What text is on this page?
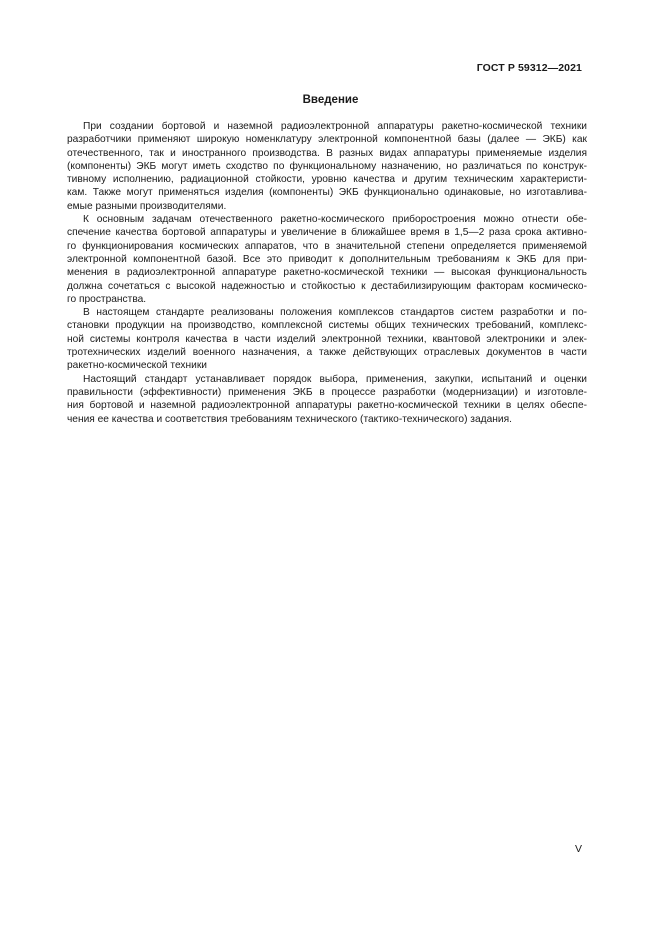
ГОСТ Р 59312—2021
Введение
При создании бортовой и наземной радиоэлектронной аппаратуры ракетно-космической техники
разработчики применяют широкую номенклатуру электронной компонентной базы (далее — ЭКБ) как
отечественного, так и иностранного производства. В разных видах аппаратуры применяемые изделия
(компоненты) ЭКБ могут иметь сходство по функциональному назначению, но различаться по конструк-
тивному исполнению, радиационной стойкости, уровню качества и другим техническим характеристи-
кам. Также могут применяться изделия (компоненты) ЭКБ функционально одинаковые, но изготавлива-
емые разными производителями.
К основным задачам отечественного ракетно-космического приборостроения можно отнести обе-
спечение качества бортовой аппаратуры и увеличение в ближайшее время в 1,5—2 раза срока активно-
го функционирования космических аппаратов, что в значительной степени определяется применяемой
электронной компонентной базой. Все это приводит к дополнительным требованиям к ЭКБ для при-
менения в радиоэлектронной аппаратуре ракетно-космической техники — высокая функциональность
должна сочетаться с высокой надежностью и стойкостью к дестабилизирующим факторам космическо-
го пространства.
В настоящем стандарте реализованы положения комплексов стандартов систем разработки и по-
становки продукции на производство, комплексной системы общих технических требований, комплекс-
ной системы контроля качества в части изделий электронной техники, квантовой электроники и элек-
тротехнических изделий военного назначения, а также действующих отраслевых документов в части
ракетно-космической техники
Настоящий стандарт устанавливает порядок выбора, применения, закупки, испытаний и оценки
правильности (эффективности) применения ЭКБ в процессе разработки (модернизации) и изготовле-
ния бортовой и наземной радиоэлектронной аппаратуры ракетно-космической техники в целях обеспе-
чения ее качества и соответствия требованиям технического (тактико-технического) задания.
V
